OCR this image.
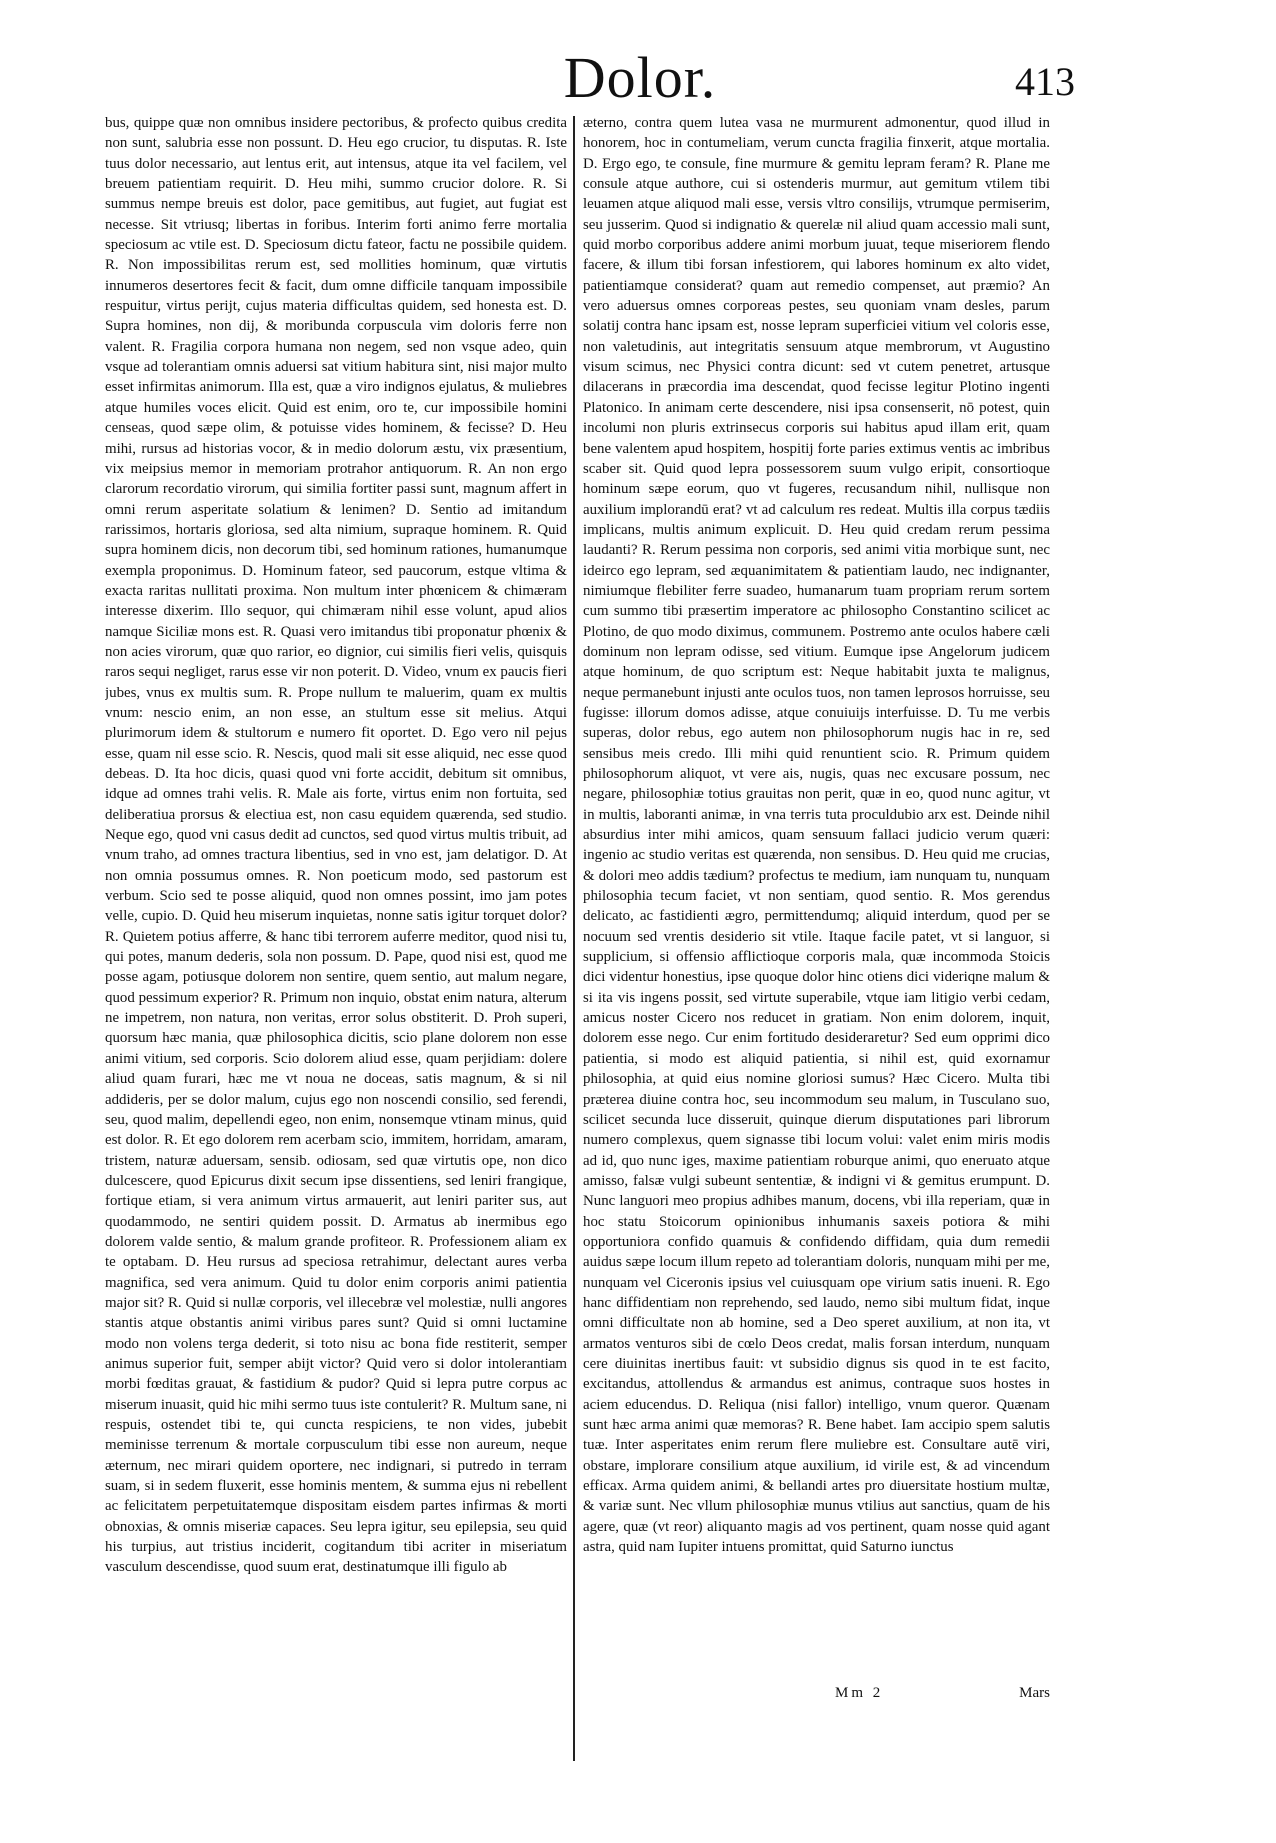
Dolor.	413

bus, quippe quæ non omnibus insidere pectoribus, & profecto quibus credita non sunt, salubria esse non possunt. D. Heu ego crucior, tu disputas. R. Iste tuus dolor necessario, aut lentus erit, aut intensus, atque ita vel facilem, vel breuem patientiam requirit. D. Heu mihi, summo crucior dolore. R. Si summus nempe breuis est dolor, pace gemitibus, aut fugiet, aut fugiat est necesse. Sit vtriusq; libertas in foribus. Interim forti animo ferre mortalia speciosum ac vtile est. D. Speciosum dictu fateor, factu ne possibile quidem. R. Non impossibilitas rerum est, sed mollities hominum, quæ virtutis innumeros desertores fecit & facit, dum omne difficile tanquam impossibile respuitur, virtus perijt, cujus materia difficultas quidem, sed honesta est. D. Supra homines, non dij, & moribunda corpuscula vim doloris ferre non valent. R. Fragilia corpora humana non negem, sed non vsque adeo, quin vsque ad tolerantiam omnis aduersi sat vitium habitura sint, nisi major multo esset infirmitas animorum. Illa est, quæ a viro indignos ejulatus, & muliebres atque humiles voces elicit. Quid est enim, oro te, cur impossibile homini censeas, quod sæpe olim, & potuisse vides hominem, & fecisse? D. Heu mihi, rursus ad historias vocor, & in medio dolorum æstu, vix præsentium, vix meipsius memor in memoriam protrahor antiquorum. R. An non ergo clarorum recordatio virorum, qui similia fortiter passi sunt, magnum affert in omni rerum asperitate solatium & lenimen? D. Sentio ad imitandum rarissimos, hortaris gloriosa, sed alta nimium, supraque hominem. R. Quid supra hominem dicis, non decorum tibi, sed hominum rationes, humanumque exempla proponimus. D. Hominum fateor, sed paucorum, estque vltima & exacta raritas nullitati proxima. Non multum inter phœnicem & chimæram interesse dixerim. Illo sequor, qui chimæram nihil esse volunt, apud alios namque Siciliæ mons est. R. Quasi vero imitandus tibi proponatur phœnix & non acies virorum, quæ quo rarior, eo dignior, cui similis fieri velis, quisquis raros sequi negliget, rarus esse vir non poterit. D. Video, vnum ex paucis fieri jubes, vnus ex multis sum. R. Prope nullum te maluerim, quam ex multis vnum: nescio enim, an non esse, an stultum esse sit melius. Atqui plurimorum idem & stultorum e numero fit oportet. D. Ego vero nil pejus esse, quam nil esse scio. R. Nescis, quod mali sit esse aliquid, nec esse quod debeas. D. Ita hoc dicis, quasi quod vni forte accidit, debitum sit omnibus, idque ad omnes trahi velis. R. Male ais forte, virtus enim non fortuita, sed deliberatiua prorsus & electiua est, non casu equidem quærenda, sed studio. Neque ego, quod vni casus dedit ad cunctos, sed quod virtus multis tribuit, ad vnum traho, ad omnes tractura libentius, sed in vno est, jam delatigor. D. At non omnia possumus omnes. R. Non poeticum modo, sed pastorum est verbum. Scio sed te posse aliquid, quod non omnes possint, imo jam potes velle, cupio. D. Quid heu miserum inquietas, nonne satis igitur torquet dolor? R. Quietem potius afferre, & hanc tibi terrorem auferre meditor, quod nisi tu, qui potes, manum dederis, sola non possum. D. Pape, quod nisi est, quod me posse agam, potiusque dolorem non sentire, quem sentio, aut malum negare, quod pessimum experior? R. Primum non inquio, obstat enim natura, alterum ne impetrem, non natura, non veritas, error solus obstiterit. D. Proh superi, quorsum hæc mania, quæ philosophica dicitis, scio plane dolorem non esse animi vitium, sed corporis. Scio dolorem aliud esse, quam perjidiam: dolere aliud quam furari, hæc me vt noua ne doceas, satis magnum, & si nil addideris, per se dolor malum, cujus ego non noscendi consilio, sed ferendi, seu, quod malim, depellendi egeo, non enim, nonsemque vtinam minus, quid est dolor. R. Et ego dolorem rem acerbam scio, immitem, horridam, amaram, tristem, naturæ aduersam, sensib. odiosam, sed quæ virtutis ope, non dico dulcescere, quod Epicurus dixit secum ipse dissentiens, sed leniri frangique, fortique etiam, si vera animum virtus armauerit, aut leniri pariter sus, aut quodammodo, ne sentiri quidem possit. D. Armatus ab inermibus ego dolorem valde sentio, & malum grande profiteor. R. Professionem aliam ex te optabam. D. Heu rursus ad speciosa retrahimur, delectant aures verba magnifica, sed vera animum. Quid tu dolor enim corporis animi patientia major sit? R. Quid si nullæ corporis, vel illecebræ vel molestiæ, nulli angores stantis atque obstantis animi viribus pares sunt? Quid si omni luctamine modo non volens terga dederit, si toto nisu ac bona fide restiterit, semper animus superior fuit, semper abijt victor? Quid vero si dolor intolerantiam morbi fœditas grauat, & fastidium & pudor? Quid si lepra putre corpus ac miserum inuasit, quid hic mihi sermo tuus iste contulerit? R. Multum sane, ni respuis, ostendet tibi te, qui cuncta respiciens, te non vides, jubebit meminisse terrenum & mortale corpusculum tibi esse non aureum, neque æternum, nec mirari quidem oportere, nec indignari, si putredo in terram suam, si in sedem fluxerit, esse hominis mentem, & summa ejus ni rebellent ac felicitatem perpetuitatemque dispositam eisdem partes infirmas & morti obnoxias, & omnis miseriæ capaces. Seu lepra igitur, seu epilepsia, seu quid his turpius, aut tristius inciderit, cogitandum tibi acriter in miseriatum vasculum descendisse, quod suum erat, destinatumque illi figulo ab

æterno, contra quem lutea vasa ne murmurent admonentur, quod illud in honorem, hoc in contumeliam, verum cuncta fragilia finxerit, atque mortalia. D. Ergo ego, te consule, fine murmure & gemitu lepram feram? R. Plane me consule atque authore, cui si ostenderis murmur, aut gemitum vtilem tibi leuamen atque aliquod mali esse, versis vltro consilijs, vtrumque permiserim, seu jusserim. Quod si indignatio & querelæ nil aliud quam accessio mali sunt, quid morbo corporibus addere animi morbum juuat, teque miseriorem flendo facere, & illum tibi forsan infestiorem, qui labores hominum ex alto videt, patientiamque considerat? quam aut remedio compenset, aut præmio? An vero aduersus omnes corporeas pestes, seu quoniam vnam desles, parum solatij contra hanc ipsam est, nosse lepram superficiei vitium vel coloris esse, non valetudinis, aut integritatis sensuum atque membrorum, vt Augustino visum scimus, nec Physici contra dicunt: sed vt cutem penetret, artusque dilacerans in præcordia ima descendat, quod fecisse legitur Plotino ingenti Platonico. In animam certe descendere, nisi ipsa consenserit, nō potest, quin incolumi non pluris extrinsecus corporis sui habitus apud illam erit, quam bene valentem apud hospitem, hospitij forte paries extimus ventis ac imbribus scaber sit. Quid quod lepra possessorem suum vulgo eripit, consortioque hominum sæpe eorum, quo vt fugeres, recusandum nihil, nullisque non auxilium implorandū erat? vt ad calculum res redeat. Multis illa corpus tædiis implicans, multis animum explicuit. D. Heu quid credam rerum pessima laudanti? R. Rerum pessima non corporis, sed animi vitia morbique sunt, nec ideirco ego lepram, sed æquanimitatem & patientiam laudo, nec indignanter, nimiumque flebiliter ferre suadeo, humanarum tuam propriam rerum sortem cum summo tibi præsertim imperatore ac philosopho Constantino scilicet ac Plotino, de quo modo diximus, communem. Postremo ante oculos habere cæli dominum non lepram odisse, sed vitium. Eumque ipse Angelorum judicem atque hominum, de quo scriptum est: Neque habitabit juxta te malignus, neque permanebunt injusti ante oculos tuos, non tamen leprosos horruisse, seu fugisse: illorum domos adisse, atque conuiuijs interfuisse. D. Tu me verbis superas, dolor rebus, ego autem non philosophorum nugis hac in re, sed sensibus meis credo. Illi mihi quid renuntient scio. R. Primum quidem philosophorum aliquot, vt vere ais, nugis, quas nec excusare possum, nec negare, philosophiæ totius grauitas non perit, quæ in eo, quod nunc agitur, vt in multis, laboranti animæ, in vna terris tuta proculdubio arx est. Deinde nihil absurdius inter mihi amicos, quam sensuum fallaci judicio verum quæri: ingenio ac studio veritas est quærenda, non sensibus. D. Heu quid me crucias, & dolori meo addis tædium? profectus te medium, iam nunquam tu, nunquam philosophia tecum faciet, vt non sentiam, quod sentio. R. Mos gerendus delicato, ac fastidienti ægro, permittendumq; aliquid interdum, quod per se nocuum sed vrentis desiderio sit vtile. Itaque facile patet, vt si languor, si supplicium, si offensio afflictioque corporis mala, quæ incommoda Stoicis dici videntur honestius, ipse quoque dolor hinc otiens dici videriqne malum & si ita vis ingens possit, sed virtute superabile, vtque iam litigio verbi cedam, amicus noster Cicero nos reducet in gratiam. Non enim dolorem, inquit, dolorem esse nego. Cur enim fortitudo desideraretur? Sed eum opprimi dico patientia, si modo est aliquid patientia, si nihil est, quid exornamur philosophia, at quid eius nomine gloriosi sumus? Hæc Cicero. Multa tibi præterea diuine contra hoc, seu incommodum seu malum, in Tusculano suo, scilicet secunda luce disseruit, quinque dierum disputationes pari librorum numero complexus, quem signasse tibi locum volui: valet enim miris modis ad id, quo nunc iges, maxime patientiam roburque animi, quo eneruato atque amisso, falsæ vulgi subeunt sententiæ, & indigni vi & gemitus erumpunt. D. Nunc languori meo propius adhibes manum, docens, vbi illa reperiam, quæ in hoc statu Stoicorum opinionibus inhumanis saxeis potiora & mihi opportuniora confido quamuis & confidendo diffidam, quia dum remedii auidus sæpe locum illum repeto ad tolerantiam doloris, nunquam mihi per me, nunquam vel Ciceronis ipsius vel cuiusquam ope virium satis inueni. R. Ego hanc diffidentiam non reprehendo, sed laudo, nemo sibi multum fidat, inque omni difficultate non ab homine, sed a Deo speret auxilium, at non ita, vt armatos venturos sibi de cœlo Deos credat, malis forsan interdum, nunquam cere diuinitas inertibus fauit: vt subsidio dignus sis quod in te est facito, excitandus, attollendus & armandus est animus, contraque suos hostes in aciem educendus. D. Reliqua (nisi fallor) intelligo, vnum queror. Quænam sunt hæc arma animi quæ memoras? R. Bene habet. Iam accipio spem salutis tuæ. Inter asperitates enim rerum flere muliebre est. Consultare autē viri, obstare, implorare consilium atque auxilium, id virile est, & ad vincendum efficax. Arma quidem animi, & bellandi artes pro diuersitate hostium multæ, & variæ sunt. Nec vllum philosophiæ munus vtilius aut sanctius, quam de his agere, quæ (vt reor) aliquanto magis ad vos pertinent, quam nosse quid agant astra, quid nam Iupiter intuens promittat, quid Saturno iunctus

Mm 2	Mars
